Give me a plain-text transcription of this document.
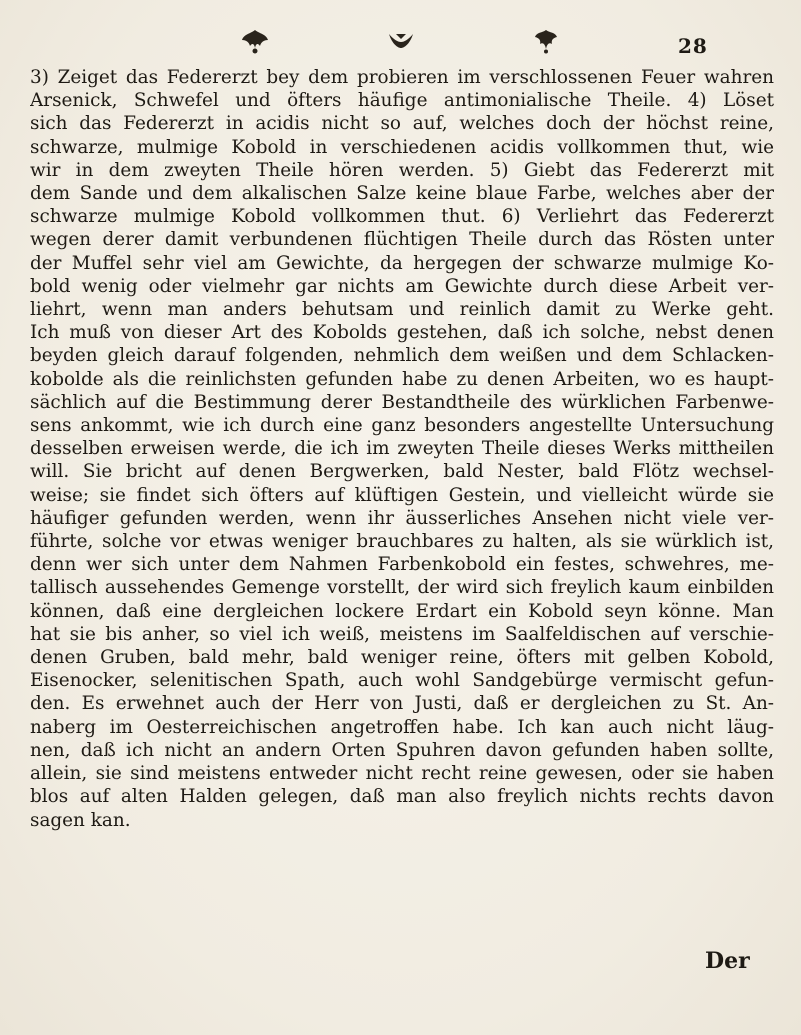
28
3) Zeiget das Federerzt bey dem probieren im verschlossenen Feuer wahren
Arsenick, Schwefel und öfters häufige antimonialische Theile. 4) Löset
sich das Federerzt in acidis nicht so auf, welches doch der höchst reine,
schwarze, mulmige Kobold in verschiedenen acidis vollkommen thut, wie
wir in dem zweyten Theile hören werden. 5) Giebt das Federerzt mit
dem Sande und dem alkalischen Salze keine blaue Farbe, welches aber der
schwarze mulmige Kobold vollkommen thut. 6) Verliehrt das Federerzt
wegen derer damit verbundenen flüchtigen Theile durch das Rösten unter
der Muffel sehr viel am Gewichte, da hergegen der schwarze mulmige Ko-
bold wenig oder vielmehr gar nichts am Gewichte durch diese Arbeit ver-
liehrt, wenn man anders behutsam und reinlich damit zu Werke geht.
Ich muß von dieser Art des Kobolds gestehen, daß ich solche, nebst denen
beyden gleich darauf folgenden, nehmlich dem weißen und dem Schlacken-
kobolde als die reinlichsten gefunden habe zu denen Arbeiten, wo es haupt-
sächlich auf die Bestimmung derer Bestandtheile des würklichen Farbenwe-
sens ankommt, wie ich durch eine ganz besonders angestellte Untersuchung
desselben erweisen werde, die ich im zweyten Theile dieses Werks mittheilen
will. Sie bricht auf denen Bergwerken, bald Nester, bald Flötz wechsel-
weise; sie findet sich öfters auf klüftigen Gestein, und vielleicht würde sie
häufiger gefunden werden, wenn ihr äusserliches Ansehen nicht viele ver-
führte, solche vor etwas weniger brauchbares zu halten, als sie würklich ist,
denn wer sich unter dem Nahmen Farbenkobold ein festes, schwehres, me-
tallisch aussehendes Gemenge vorstellt, der wird sich freylich kaum einbilden
können, daß eine dergleichen lockere Erdart ein Kobold seyn könne. Man
hat sie bis anher, so viel ich weiß, meistens im Saalfeldischen auf verschie-
denen Gruben, bald mehr, bald weniger reine, öfters mit gelben Kobold,
Eisenocker, selenitischen Spath, auch wohl Sandgebürge vermischt gefun-
den. Es erwehnet auch der Herr von Justi, daß er dergleichen zu St. An-
naberg im Oesterreichischen angetroffen habe. Ich kan auch nicht läug-
nen, daß ich nicht an andern Orten Spuhren davon gefunden haben sollte,
allein, sie sind meistens entweder nicht recht reine gewesen, oder sie haben
blos auf alten Halden gelegen, daß man also freylich nichts rechts davon
sagen kan.
Der
